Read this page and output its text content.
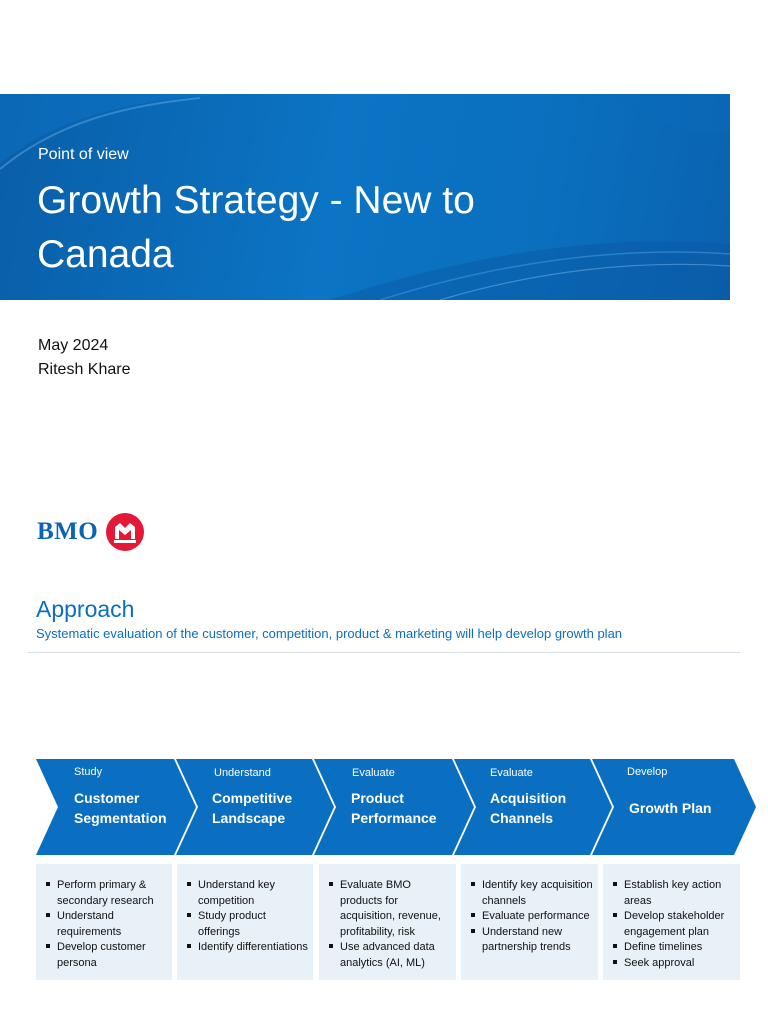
Point of view
Growth Strategy - New to Canada
May 2024
Ritesh Khare
BMO
Approach
Systematic evaluation of the customer, competition, product & marketing will help develop growth plan
Study
Customer
Segmentation
Understand
Competitive
Landscape
Evaluate
Product
Performance
Evaluate
Acquisition
Channels
Develop
Growth Plan
Perform primary & secondary research
Understand requirements
Develop customer persona
Understand key competition
Study product offerings
Identify differentiations
Evaluate BMO products for acquisition, revenue, profitability, risk
Use advanced data analytics (AI, ML)
Identify key acquisition channels
Evaluate performance
Understand new partnership trends
Establish key action areas
Develop stakeholder engagement plan
Define timelines
Seek approval
